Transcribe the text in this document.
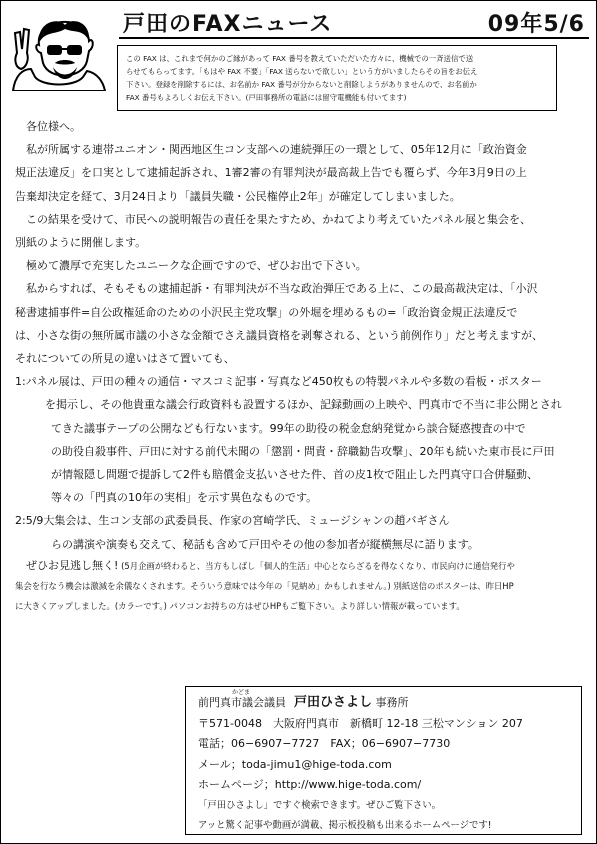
戸田のFAXニュース	09年5/6

この FAX は、これまで何かのご縁があって FAX 番号を教えていただいた方々に、機械での一斉送信で送

らせてもらってます。「もはや FAX 不要」「FAX 送らないで欲しい」という方がいましたらその旨をお伝え

下さい。登録を削除するには、お名前か FAX 番号が分からないと削除しようがありませんので、お名前か

FAX 番号もよろしくお伝え下さい。(戸田事務所の電話には留守電機能も付いてます)

各位様へ。

私が所属する連帯ユニオン・関西地区生コン支部への連続弾圧の一環として、05年12月に「政治資金

規正法違反」を口実として逮捕起訴され、1審2審の有罪判決が最高裁上告でも覆らず、今年3月9日の上

告棄却決定を経て、3月24日より「議員失職・公民権停止2年」が確定してしまいました。

この結果を受けて、市民への説明報告の責任を果たすため、かねてより考えていたパネル展と集会を、

別紙のように開催します。

極めて濃厚で充実したユニークな企画ですので、ぜひお出で下さい。

私からすれば、そもそもの逮捕起訴・有罪判決が不当な政治弾圧である上に、この最高裁決定は、「小沢

秘書逮捕事件=自公政権延命のための小沢民主党攻撃」の外堀を埋めるもの=「政治資金規正法違反で

は、小さな街の無所属市議の小さな金額でさえ議員資格を剥奪される、という前例作り」だと考えますが、

それについての所見の違いはさて置いても、

1: パネル展は、戸田の種々の通信・マスコミ記事・写真など450枚もの特製パネルや多数の看板・ポスター

を掲示し、その他貴重な議会行政資料も設置するほか、記録動画の上映や、門真市で不当に非公開とされ

てきた議事テープの公開なども行ないます。99年の助役の税金怠納発覚から談合疑惑捜査の中で

の助役自殺事件、戸田に対する前代未聞の「懲罰・問責・辞職勧告攻撃」、20年も続いた東市長に戸田

が情報隠し問題で提訴して2件も賠償金支払いさせた件、首の皮1枚で阻止した門真守口合併騒動、

等々の「門真の10年の実相」を示す異色なものです。

2: 5/9大集会は、生コン支部の武委員長、作家の宮崎学氏、ミュージシャンの趙バギさん

らの講演や演奏も交えて、秘話も含めて戸田やその他の参加者が縦横無尽に語ります。

ぜひお見逃し無く! (5月企画が終わると、当方もしばし「個人的生活」中心とならざるを得なくなり、市民向けに通信発行や

集会を行なう機会は激減を余儀なくされます。そういう意味では今年の「見納め」かもしれません。) 別紙送信のポスターは、昨日HP

に大きくアップしました。(カラーです。) パソコンお持ちの方はぜひHPもご覧下さい。より詳しい情報が載っています。

かどま
前門真市議会議員 戸田ひさよし 事務所
〒571-0048　大阪府門真市　新橋町 12-18 三松マンション 207
電話；06−6907−7727　FAX；06−6907−7730
メール；toda-jimu1@hige-toda.com
ホームページ；http://www.hige-toda.com/
「戸田ひさよし」ですぐ検索できます。ぜひご覧下さい。
アッと驚く記事や動画が満載、掲示板投稿も出来るホームページです!
